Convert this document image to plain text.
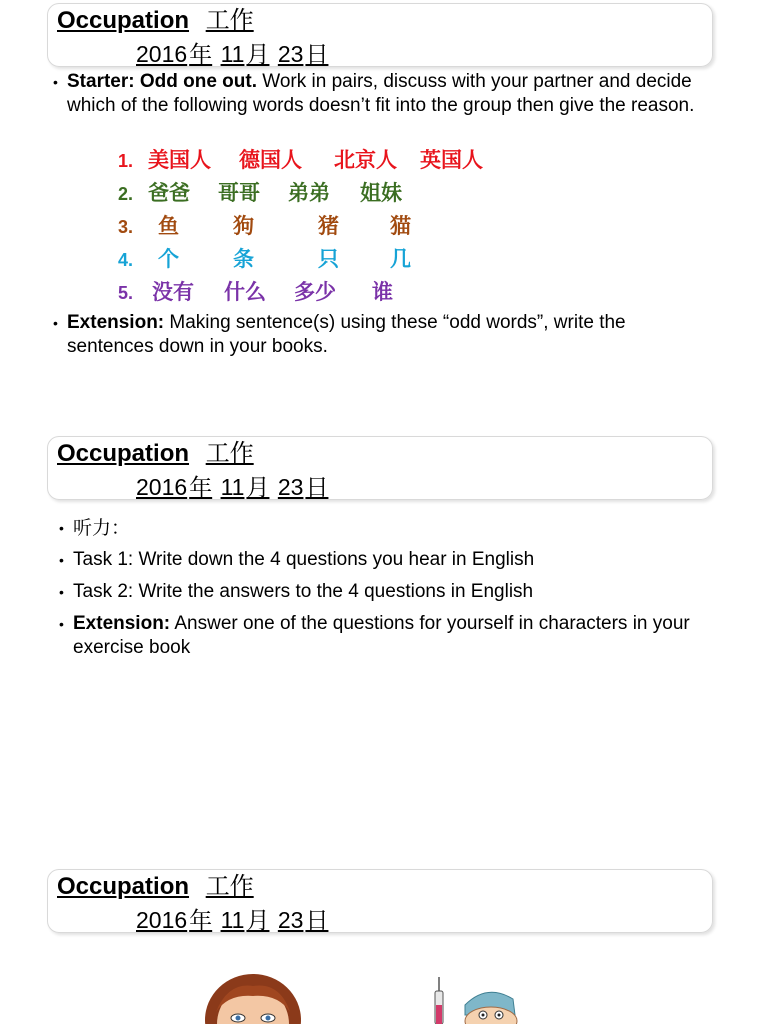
Occupation 工作
2016年 11月 23日
• Starter: Odd one out. Work in pairs, discuss with your partner and decide which of the following words doesn’t fit into the group then give the reason.
1. 美国人 德国人 北京人 英国人
2. 爸爸 哥哥 弟弟 姐妹
3. 鱼	狗	猪 猫
4. 个	条	只 几
5. 没有 什么 多少 谁
• Extension: Making sentence(s) using these “odd words”, write the sentences down in your books.
Occupation 工作
2016年 11月 23日
• 听力：
• Task 1: Write down the 4 questions you hear in English
• Task 2: Write the answers to the 4 questions in English
• Extension: Answer one of the questions for yourself in characters in your exercise book
Occupation 工作
2016年 11月 23日
